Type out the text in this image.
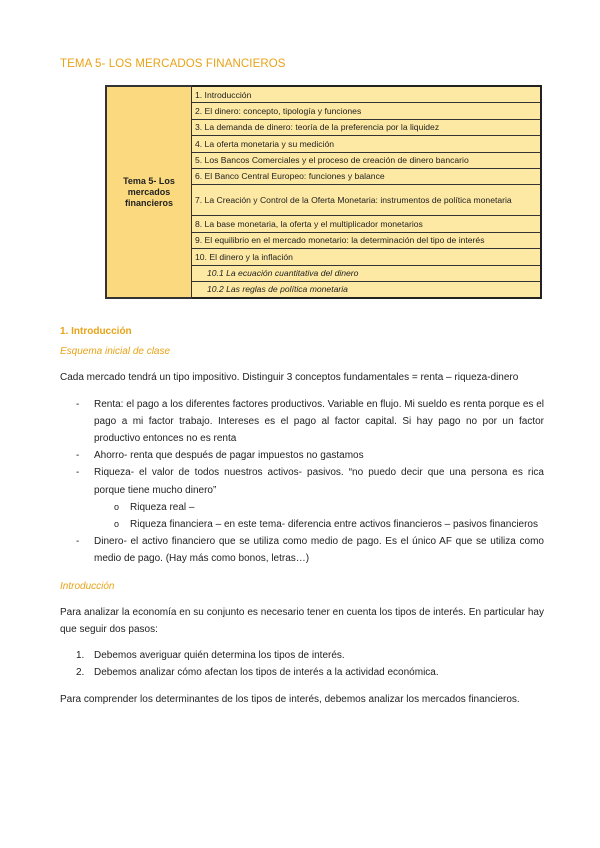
TEMA 5- LOS MERCADOS FINANCIEROS
Tema 5- Los mercados financieros	1. Introducción
2. El dinero: concepto, tipología y funciones
3. La demanda de dinero: teoría de la preferencia por la liquidez
4. La oferta monetaria y su medición
5. Los Bancos Comerciales y el proceso de creación de dinero bancario
6. El Banco Central Europeo: funciones y balance
7. La Creación y Control de la Oferta Monetaria: instrumentos de política monetaria
8. La base monetaria, la oferta y el multiplicador monetarios
9. El equilibrio en el mercado monetario: la determinación del tipo de interés
10. El dinero y la inflación
10.1 La ecuación cuantitativa del dinero
10.2 Las reglas de política monetaria
1. Introducción
Esquema inicial de clase

Cada mercado tendrá un tipo impositivo. Distinguir 3 conceptos fundamentales = renta – riqueza-dinero

- Renta: el pago a los diferentes factores productivos. Variable en flujo. Mi sueldo es renta porque es el pago a mi factor trabajo. Intereses es el pago al factor capital. Si hay pago no por un factor productivo entonces no es renta
- Ahorro- renta que después de pagar impuestos no gastamos
- Riqueza- el valor de todos nuestros activos- pasivos. “no puedo decir que una persona es rica porque tiene mucho dinero”
o Riqueza real –
o Riqueza financiera – en este tema- diferencia entre activos financieros – pasivos financieros
- Dinero- el activo financiero que se utiliza como medio de pago. Es el único AF que se utiliza como medio de pago. (Hay más como bonos, letras…)
Introducción

Para analizar la economía en su conjunto es necesario tener en cuenta los tipos de interés. En particular hay que seguir dos pasos:

1. Debemos averiguar quién determina los tipos de interés.
2. Debemos analizar cómo afectan los tipos de interés a la actividad económica.

Para comprender los determinantes de los tipos de interés, debemos analizar los mercados financieros.
